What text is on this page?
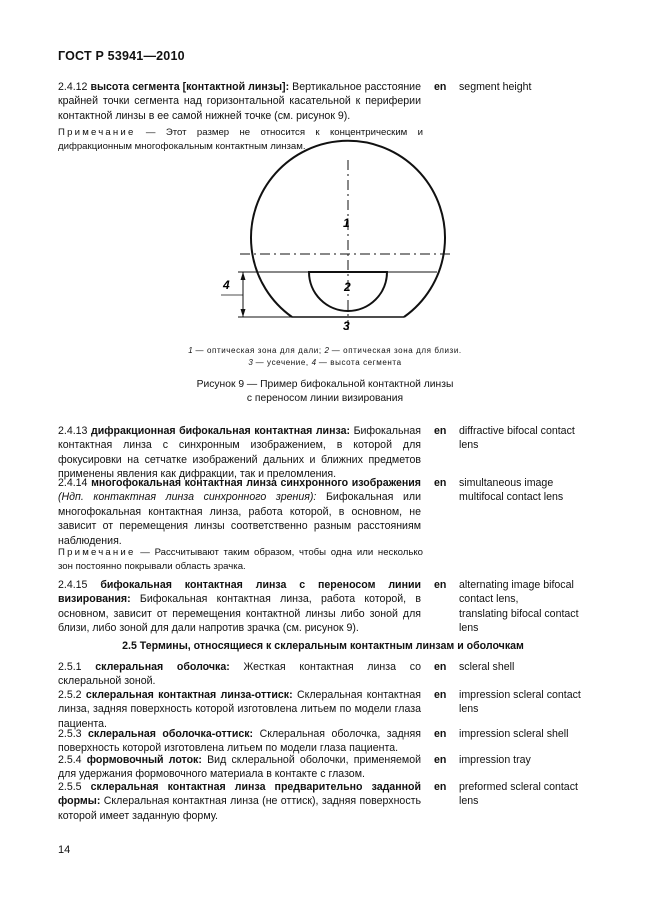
ГОСТ Р 53941—2010
2.4.12 высота сегмента [контактной линзы]: Вертикальное расстояние крайней точки сегмента над горизонтальной касательной к периферии контактной линзы в ее самой нижней точке (см. рисунок 9).
en segment height
Примечание — Этот размер не относится к концентрическим и дифракционным многофокальным контактным линзам.
1
2
3
4
1 — оптическая зона для дали; 2 — оптическая зона для близи.
3 — усечение, 4 — высота сегмента
Рисунок 9 — Пример бифокальной контактной линзы
с переносом линии визирования
2.4.13 дифракционная бифокальная контактная линза: Бифокальная контактная линза с синхронным изображением, в которой для фокусировки на сетчатке изображений дальних и ближних предметов применены явления как дифракции, так и преломления.
en diffractive bifocal contact
lens
2.4.14 многофокальная контактная линза синхронного изображения (Ндп. контактная линза синхронного зрения): Бифокальная или многофокальная контактная линза, работа которой, в основном, не зависит от перемещения линзы соответственно разным расстояниям наблюдения.
en simultaneous image
multifocal contact lens
Примечание — Рассчитывают таким образом, чтобы одна или несколько зон постоянно покрывали область зрачка.
2.4.15 бифокальная контактная линза с переносом линии визирования: Бифокальная контактная линза, работа которой, в основном, зависит от перемещения контактной линзы либо зоной для близи, либо зоной для дали напротив зрачка (см. рисунок 9).
en alternating image bifocal
contact lens,
translating bifocal contact
lens
2.5 Термины, относящиеся к склеральным контактным линзам и оболочкам
2.5.1 склеральная оболочка: Жесткая контактная линза со склеральной зоной.
en scleral shell
2.5.2 склеральная контактная линза-оттиск: Склеральная контактная линза, задняя поверхность которой изготовлена литьем по модели глаза пациента.
en impression scleral contact
lens
2.5.3 склеральная оболочка-оттиск: Склеральная оболочка, задняя поверхность которой изготовлена литьем по модели глаза пациента.
en impression scleral shell
2.5.4 формовочный лоток: Вид склеральной оболочки, применяемой для удержания формовочного материала в контакте с глазом.
en impression tray
2.5.5 склеральная контактная линза предварительно заданной формы: Склеральная контактная линза (не оттиск), задняя поверхность которой имеет заданную форму.
en preformed scleral contact
lens
14
